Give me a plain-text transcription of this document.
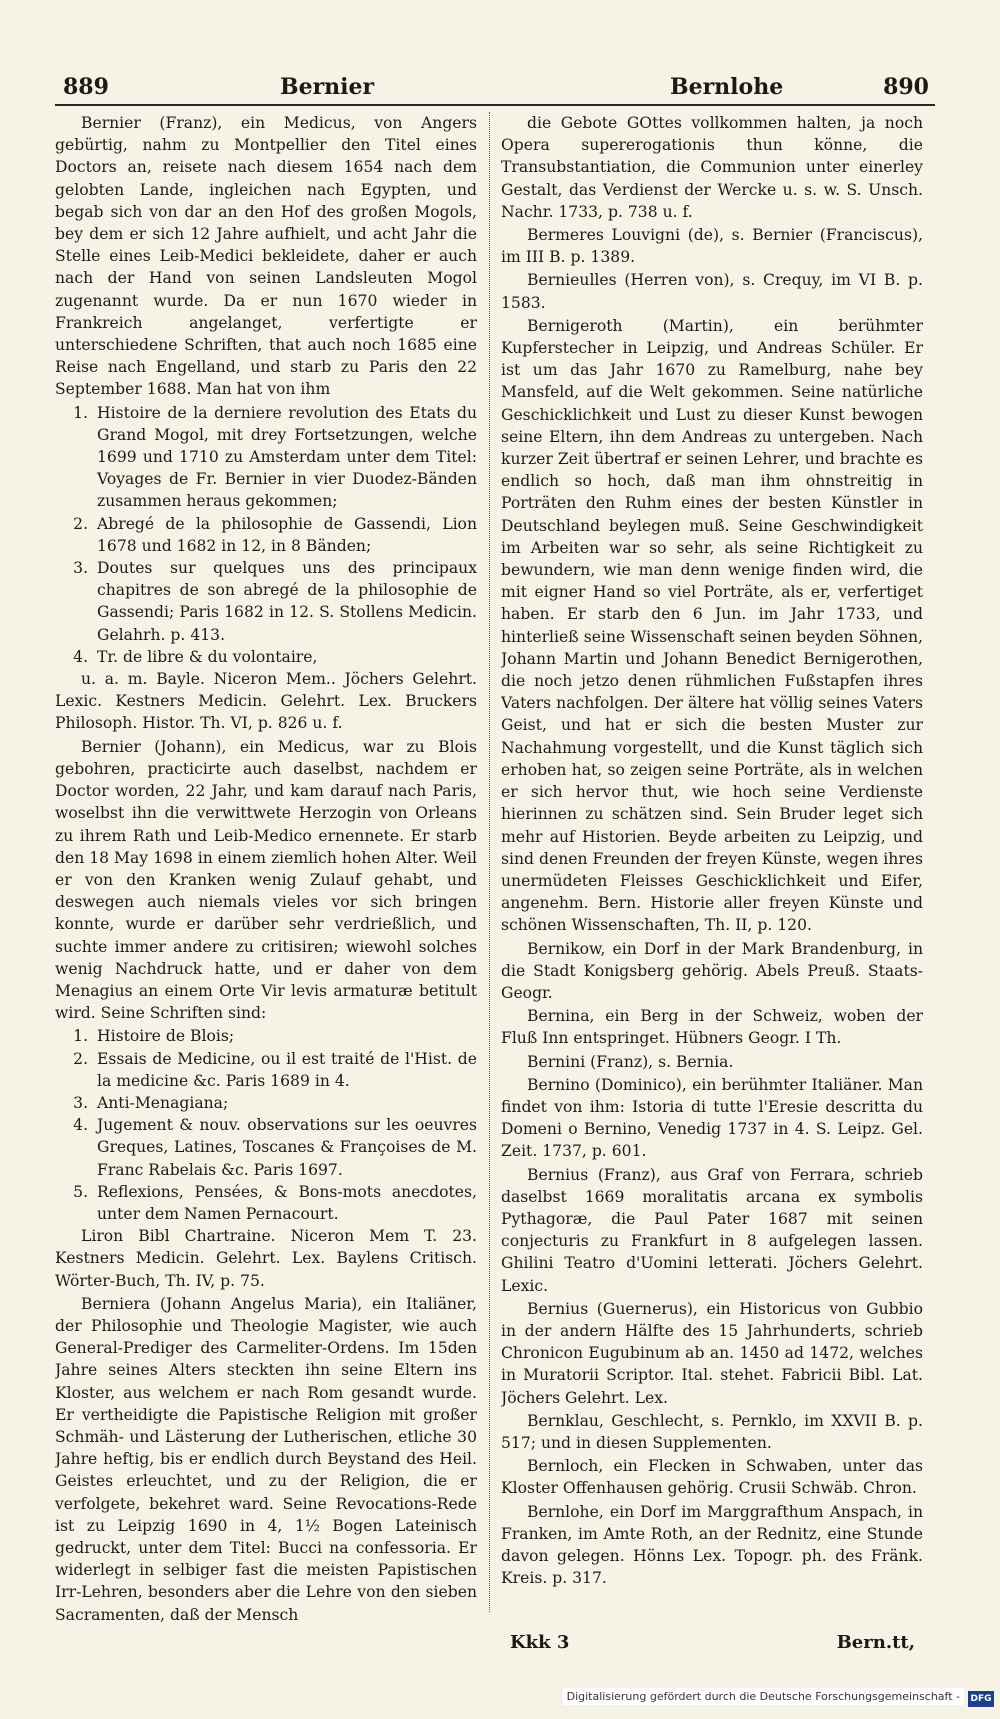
889	Bernier	Bernlohe	890

Bernier (Franz), ein Medicus, von Angers gebürtig, nahm zu Montpellier den Titel eines Doctors an, reisete nach diesem 1654 nach dem gelobten Lande, ingleichen nach Egypten, und begab sich von dar an den Hof des großen Mogols, bey dem er sich 12 Jahre aufhielt, und acht Jahr die Stelle eines Leib-Medici bekleidete, daher er auch nach der Hand von seinen Landsleuten Mogol zugenannt wurde. Da er nun 1670 wieder in Frankreich angelanget, verfertigte er unterschiedene Schriften, that auch noch 1685 eine Reise nach Engelland, und starb zu Paris den 22 September 1688. Man hat von ihm

1. Histoire de la derniere revolution des Etats du Grand Mogol, mit drey Fortsetzungen, welche 1699 und 1710 zu Amsterdam unter dem Titel: Voyages de Fr. Bernier in vier Duodez-Bänden zusammen heraus gekommen;
2. Abregé de la philosophie de Gassendi, Lion 1678 und 1682 in 12, in 8 Bänden;
3. Doutes sur quelques uns des principaux chapitres de son abregé de la philosophie de Gassendi; Paris 1682 in 12. S. Stollens Medicin. Gelahrh. p. 413.
4. Tr. de libre & du volontaire,

u. a. m. Bayle. Niceron Mem.. Jöchers Gelehrt. Lexic. Kestners Medicin. Gelehrt. Lex. Bruckers Philosoph. Histor. Th. VI, p. 826 u. f.

Bernier (Johann), ein Medicus, war zu Blois gebohren, practicirte auch daselbst, nachdem er Doctor worden, 22 Jahr, und kam darauf nach Paris, woselbst ihn die verwittwete Herzogin von Orleans zu ihrem Rath und Leib-Medico ernennete. Er starb den 18 May 1698 in einem ziemlich hohen Alter. Weil er von den Kranken wenig Zulauf gehabt, und deswegen auch niemals vieles vor sich bringen konnte, wurde er darüber sehr verdrießlich, und suchte immer andere zu critisiren; wiewohl solches wenig Nachdruck hatte, und er daher von dem Menagius an einem Orte Vir levis armaturæ betitult wird. Seine Schriften sind:

1. Histoire de Blois;
2. Essais de Medicine, ou il est traité de l'Hist. de la medicine &c. Paris 1689 in 4.
3. Anti-Menagiana;
4. Jugement & nouv. observations sur les oeuvres Greques, Latines, Toscanes & Françoises de M. Franc Rabelais &c. Paris 1697.
5. Reflexions, Pensées, & Bons-mots anecdotes, unter dem Namen Pernacourt.

Liron Bibl Chartraine. Niceron Mem T. 23. Kestners Medicin. Gelehrt. Lex. Baylens Critisch. Wörter-Buch, Th. IV, p. 75.

Berniera (Johann Angelus Maria), ein Italiäner, der Philosophie und Theologie Magister, wie auch General-Prediger des Carmeliter-Ordens. Im 15den Jahre seines Alters steckten ihn seine Eltern ins Kloster, aus welchem er nach Rom gesandt wurde. Er vertheidigte die Papistische Religion mit großer Schmäh- und Lästerung der Lutherischen, etliche 30 Jahre heftig, bis er endlich durch Beystand des Heil. Geistes erleuchtet, und zu der Religion, die er verfolgete, bekehret ward. Seine Revocations-Rede ist zu Leipzig 1690 in 4, 1½ Bogen Lateinisch gedruckt, unter dem Titel: Bucci na confessoria. Er widerlegt in selbiger fast die meisten Papistischen Irr-Lehren, besonders aber die Lehre von den sieben Sacramenten, daß der Mensch

die Gebote GOttes vollkommen halten, ja noch Opera supererogationis thun könne, die Transubstantiation, die Communion unter einerley Gestalt, das Verdienst der Wercke u. s. w. S. Unsch. Nachr. 1733, p. 738 u. f.

Bermeres Louvigni (de), s. Bernier (Franciscus), im III B. p. 1389.

Bernieulles (Herren von), s. Crequy, im VI B. p. 1583.

Bernigeroth (Martin), ein berühmter Kupferstecher in Leipzig, und Andreas Schüler. Er ist um das Jahr 1670 zu Ramelburg, nahe bey Mansfeld, auf die Welt gekommen. Seine natürliche Geschicklichkeit und Lust zu dieser Kunst bewogen seine Eltern, ihn dem Andreas zu untergeben. Nach kurzer Zeit übertraf er seinen Lehrer, und brachte es endlich so hoch, daß man ihm ohnstreitig in Porträten den Ruhm eines der besten Künstler in Deutschland beylegen muß. Seine Geschwindigkeit im Arbeiten war so sehr, als seine Richtigkeit zu bewundern, wie man denn wenige finden wird, die mit eigner Hand so viel Porträte, als er, verfertiget haben. Er starb den 6 Jun. im Jahr 1733, und hinterließ seine Wissenschaft seinen beyden Söhnen, Johann Martin und Johann Benedict Bernigerothen, die noch jetzo denen rühmlichen Fußstapfen ihres Vaters nachfolgen. Der ältere hat völlig seines Vaters Geist, und hat er sich die besten Muster zur Nachahmung vorgestellt, und die Kunst täglich sich erhoben hat, so zeigen seine Porträte, als in welchen er sich hervor thut, wie hoch seine Verdienste hierinnen zu schätzen sind. Sein Bruder leget sich mehr auf Historien. Beyde arbeiten zu Leipzig, und sind denen Freunden der freyen Künste, wegen ihres unermüdeten Fleisses Geschicklichkeit und Eifer, angenehm. Bern. Historie aller freyen Künste und schönen Wissenschaften, Th. II, p. 120.

Bernikow, ein Dorf in der Mark Brandenburg, in die Stadt Konigsberg gehörig. Abels Preuß. Staats-Geogr.

Bernina, ein Berg in der Schweiz, woben der Fluß Inn entspringet. Hübners Geogr. I Th.

Bernini (Franz), s. Bernia.

Bernino (Dominico), ein berühmter Italiäner. Man findet von ihm: Istoria di tutte l'Eresie descritta du Domeni o Bernino, Venedig 1737 in 4. S. Leipz. Gel. Zeit. 1737, p. 601.

Bernius (Franz), aus Graf von Ferrara, schrieb daselbst 1669 moralitatis arcana ex symbolis Pythagoræ, die Paul Pater 1687 mit seinen conjecturis zu Frankfurt in 8 aufgelegen lassen. Ghilini Teatro d'Uomini letterati. Jöchers Gelehrt. Lexic.

Bernius (Guernerus), ein Historicus von Gubbio in der andern Hälfte des 15 Jahrhunderts, schrieb Chronicon Eugubinum ab an. 1450 ad 1472, welches in Muratorii Scriptor. Ital. stehet. Fabricii Bibl. Lat. Jöchers Gelehrt. Lex.

Bernklau, Geschlecht, s. Pernklo, im XXVII B. p. 517; und in diesen Supplementen.

Bernloch, ein Flecken in Schwaben, unter das Kloster Offenhausen gehörig. Crusii Schwäb. Chron.

Bernlohe, ein Dorf im Marggrafthum Anspach, in Franken, im Amte Roth, an der Rednitz, eine Stunde davon gelegen. Hönns Lex. Topogr. ph. des Fränk. Kreis. p. 317.

Kkk 3	Bern.tt,
Digitalisierung gefördert durch die Deutsche Forschungsgemeinschaft -	DFG
